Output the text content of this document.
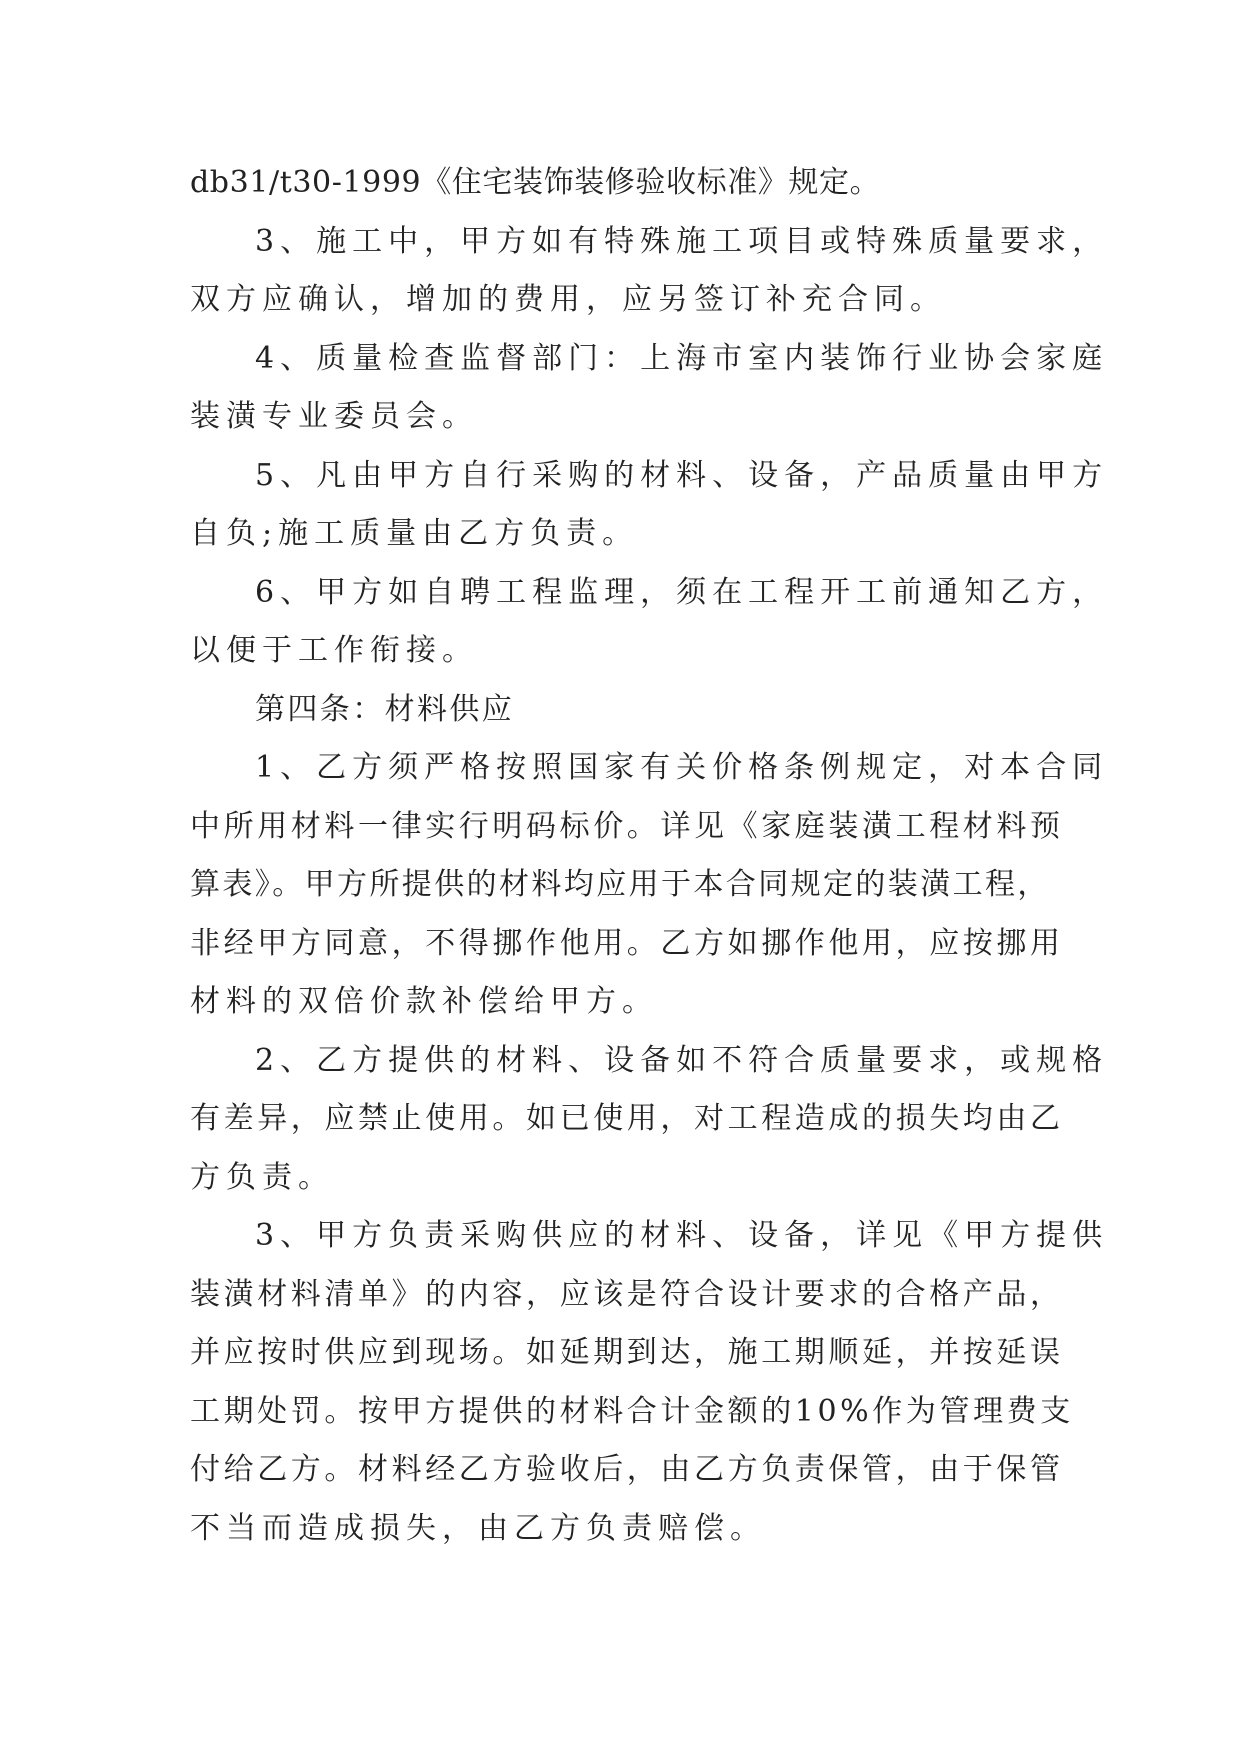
db31/t30-1999《住宅装饰装修验收标准》规定。
3、施工中，甲方如有特殊施工项目或特殊质量要求，
双方应确认，增加的费用，应另签订补充合同。
4、质量检查监督部门：上海市室内装饰行业协会家庭
装潢专业委员会。
5、凡由甲方自行采购的材料、设备，产品质量由甲方
自负;施工质量由乙方负责。
6、甲方如自聘工程监理，须在工程开工前通知乙方，
以便于工作衔接。
第四条：材料供应
1、乙方须严格按照国家有关价格条例规定，对本合同
中所用材料一律实行明码标价。详见《家庭装潢工程材料预
算表》。甲方所提供的材料均应用于本合同规定的装潢工程，
非经甲方同意，不得挪作他用。乙方如挪作他用，应按挪用
材料的双倍价款补偿给甲方。
2、乙方提供的材料、设备如不符合质量要求，或规格
有差异，应禁止使用。如已使用，对工程造成的损失均由乙
方负责。
3、甲方负责采购供应的材料、设备，详见《甲方提供
装潢材料清单》的内容，应该是符合设计要求的合格产品，
并应按时供应到现场。如延期到达，施工期顺延，并按延误
工期处罚。按甲方提供的材料合计金额的10%作为管理费支
付给乙方。材料经乙方验收后，由乙方负责保管，由于保管
不当而造成损失，由乙方负责赔偿。
